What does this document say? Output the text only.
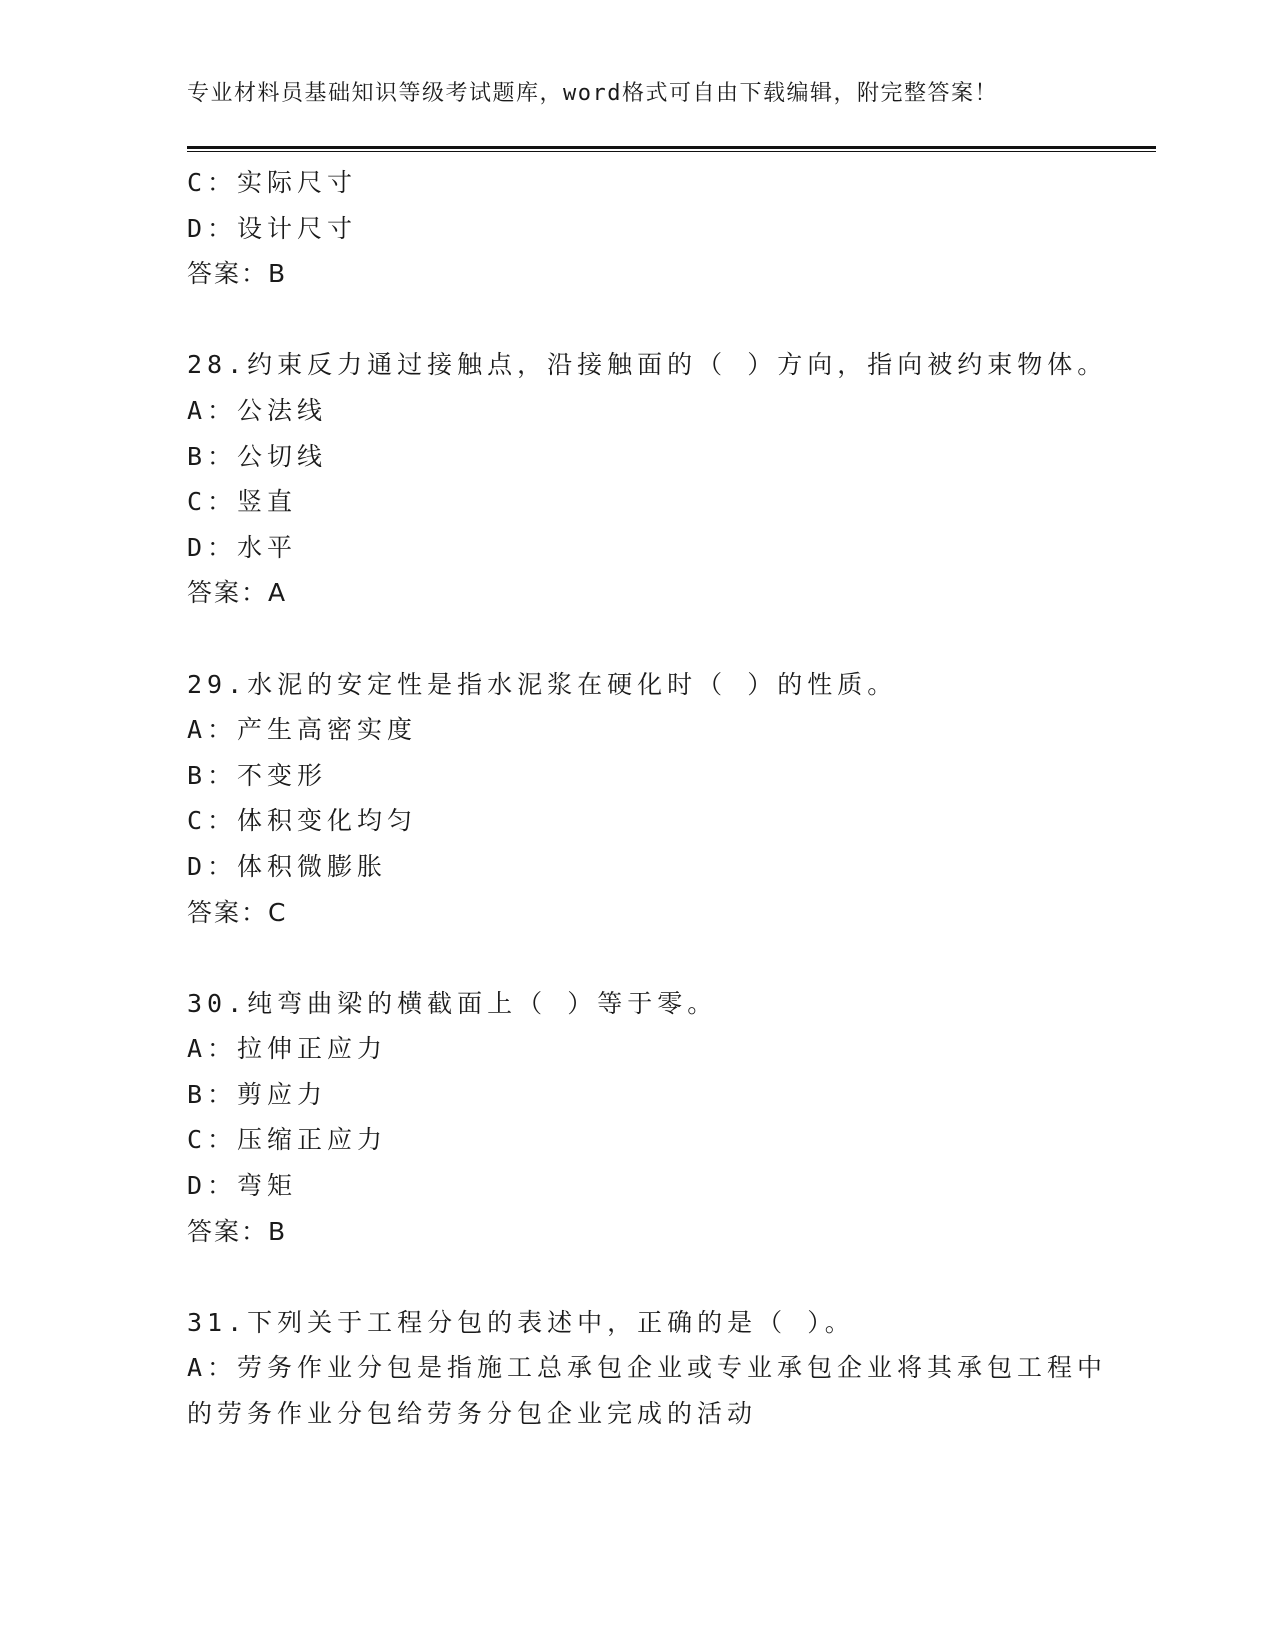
专业材料员基础知识等级考试题库，word格式可自由下载编辑，附完整答案！
C：实际尺寸
D：设计尺寸
答案：B
28.约束反力通过接触点，沿接触面的（ ）方向，指向被约束物体。
A：公法线
B：公切线
C：竖直
D：水平
答案：A
29.水泥的安定性是指水泥浆在硬化时（ ）的性质。
A：产生高密实度
B：不变形
C：体积变化均匀
D：体积微膨胀
答案：C
30.纯弯曲梁的横截面上（ ）等于零。
A：拉伸正应力
B：剪应力
C：压缩正应力
D：弯矩
答案：B
31.下列关于工程分包的表述中，正确的是（ ）。
A：劳务作业分包是指施工总承包企业或专业承包企业将其承包工程中
的劳务作业分包给劳务分包企业完成的活动
